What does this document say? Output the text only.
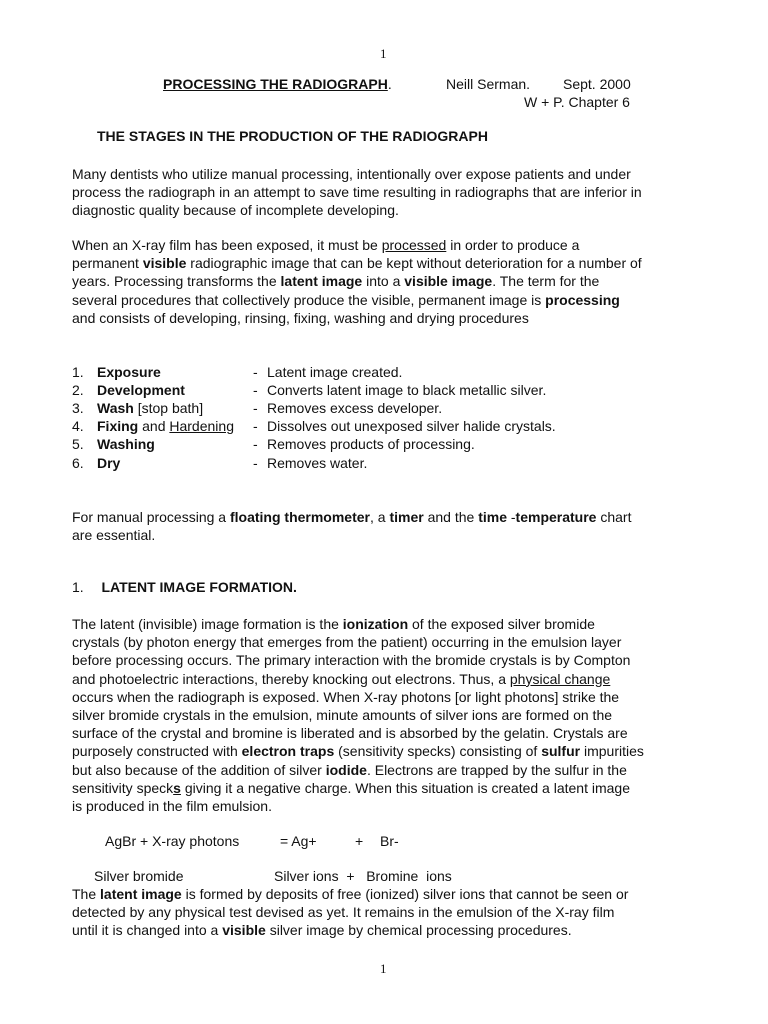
1
PROCESSING THE RADIOGRAPH.	Neill Serman. Sept. 2000
W + P. Chapter 6
THE STAGES IN THE PRODUCTION OF THE RADIOGRAPH
Many dentists who utilize manual processing, intentionally over expose patients and under
process the radiograph in an attempt to save time resulting in radiographs that are inferior in
diagnostic quality because of incomplete developing.
When an X-ray film has been exposed, it must be processed in order to produce a
permanent visible radiographic image that can be kept without deterioration for a number of
years. Processing transforms the latent image into a visible image. The term for the
several procedures that collectively produce the visible, permanent image is processing
and consists of developing, rinsing, fixing, washing and drying procedures
1. Exposure	- Latent image created.
2. Development	- Converts latent image to black metallic silver.
3. Wash [stop bath]	- Removes excess developer.
4. Fixing and Hardening - Dissolves out unexposed silver halide crystals.
5. Washing	- Removes products of processing.
6. Dry	- Removes water.
For manual processing a floating thermometer, a timer and the time -temperature chart
are essential.
1. LATENT IMAGE FORMATION.
The latent (invisible) image formation is the ionization of the exposed silver bromide
crystals (by photon energy that emerges from the patient) occurring in the emulsion layer
before processing occurs. The primary interaction with the bromide crystals is by Compton
and photoelectric interactions, thereby knocking out electrons. Thus, a physical change
occurs when the radiograph is exposed. When X-ray photons [or light photons] strike the
silver bromide crystals in the emulsion, minute amounts of silver ions are formed on the
surface of the crystal and bromine is liberated and is absorbed by the gelatin. Crystals are
purposely constructed with electron traps (sensitivity specks) consisting of sulfur impurities
but also because of the addition of silver iodide. Electrons are trapped by the sulfur in the
sensitivity specks giving it a negative charge. When this situation is created a latent image
is produced in the film emulsion.
AgBr + X-ray photons	= Ag+	+ Br-
Silver bromide	Silver ions  +   Bromine  ions
The latent image is formed by deposits of free (ionized) silver ions that cannot be seen or
detected by any physical test devised as yet. It remains in the emulsion of the X-ray film
until it is changed into a visible silver image by chemical processing procedures.
1
